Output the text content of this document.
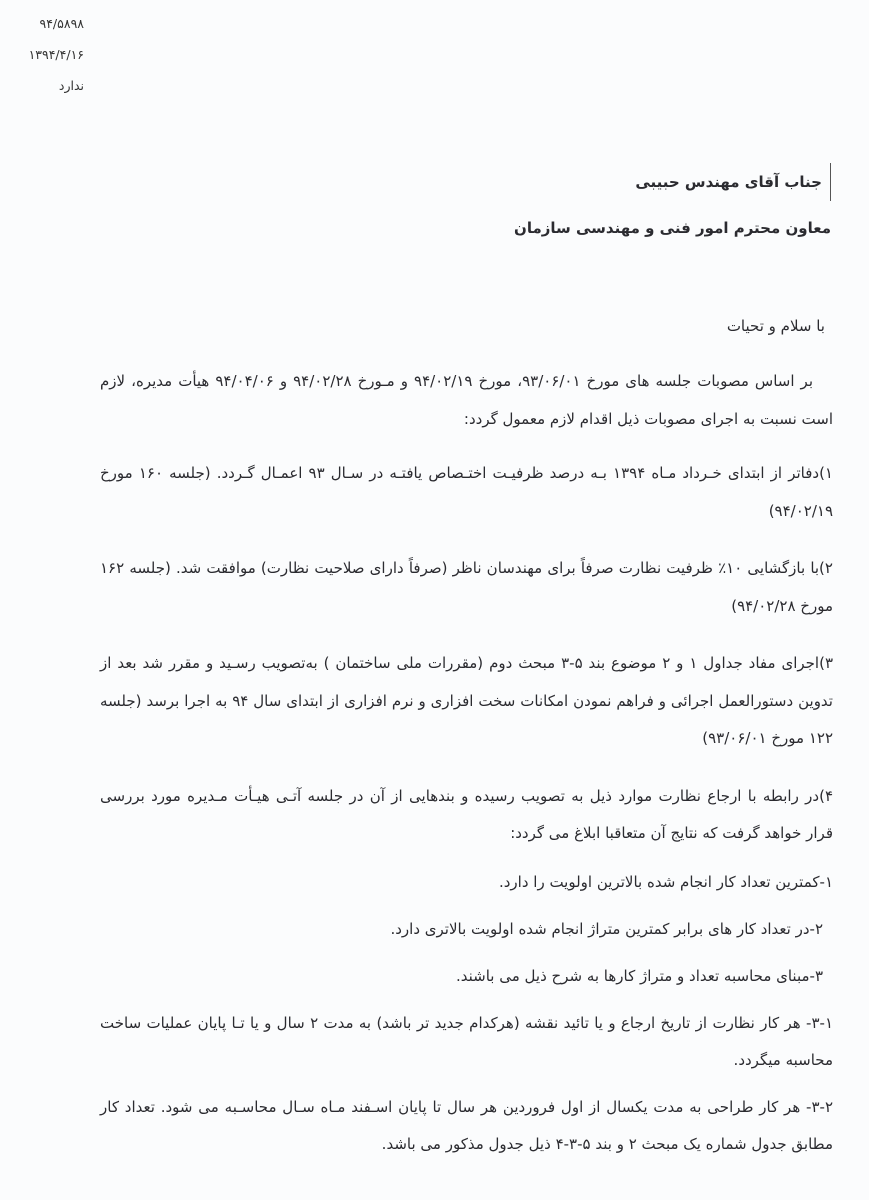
۹۴/۵۸۹۸
۱۳۹۴/۴/۱۶
ندارد
جناب آقای مهندس حبیبی
معاون محترم امور فنی و مهندسی سازمان
با سلام و تحیات
بر اساس مصوبات جلسه های مورخ ۹۳/۰۶/۰۱، مورخ ۹۴/۰۲/۱۹ و مـورخ ۹۴/۰۲/۲۸ و ۹۴/۰۴/۰۶ هیأت مدیره، لازم است نسبت به اجرای مصوبات ذیل اقدام لازم معمول گردد:
۱)دفاتر از ابتدای خـرداد مـاه ۱۳۹۴ بـه درصد ظرفیـت اختـصاص یافتـه در سـال ۹۳ اعمـال گـردد. (جلسه ۱۶۰ مورخ ۹۴/۰۲/۱۹)
۲)با بازگشایی ۱۰٪ ظرفیت نظارت صرفاً برای مهندسان ناظر (صرفاً دارای صلاحیت نظارت) موافقت شد. (جلسه ۱۶۲ مورخ ۹۴/۰۲/۲۸)
۳)اجرای مفاد جداول ۱ و ۲ موضوع بند ۵-۳ مبحث دوم (مقررات ملی ساختمان ) به‌تصویب رسـید و مقرر شد بعد از تدوین دستورالعمل اجرائی و فراهم نمودن امکانات سخت افزاری و نرم افزاری از ابتدای سال ۹۴ به اجرا برسد (جلسه ۱۲۲ مورخ ۹۳/۰۶/۰۱)
۴)در رابطه با ارجاع نظارت موارد ذیل به تصویب رسیده و بندهایی از آن در جلسه آتـی هیـأت مـدیره مورد بررسی قرار خواهد گرفت که نتایج آن متعاقبا ابلاغ می گردد:
۱-کمترین تعداد کار انجام شده بالاترین اولویت را دارد.
۲-در تعداد کار های برابر کمترین متراژ انجام شده اولویت بالاتری دارد.
۳-مبنای محاسبه تعداد و متراژ کارها به شرح ذیل می باشند.
۳-۱- هر کار نظارت از تاریخ ارجاع و یا تائید نقشه (هرکدام جدید تر باشد) به مدت ۲ سال و یا تـا پایان عملیات ساخت محاسبه میگردد.
۳-۲- هر کار طراحی به مدت یکسال از اول فروردین هر سال تا پایان اسـفند مـاه سـال محاسـبه می شود. تعداد کار مطابق جدول شماره یک مبحث ۲ و بند ۵-۳-۴ ذیل جدول مذکور می باشد.
